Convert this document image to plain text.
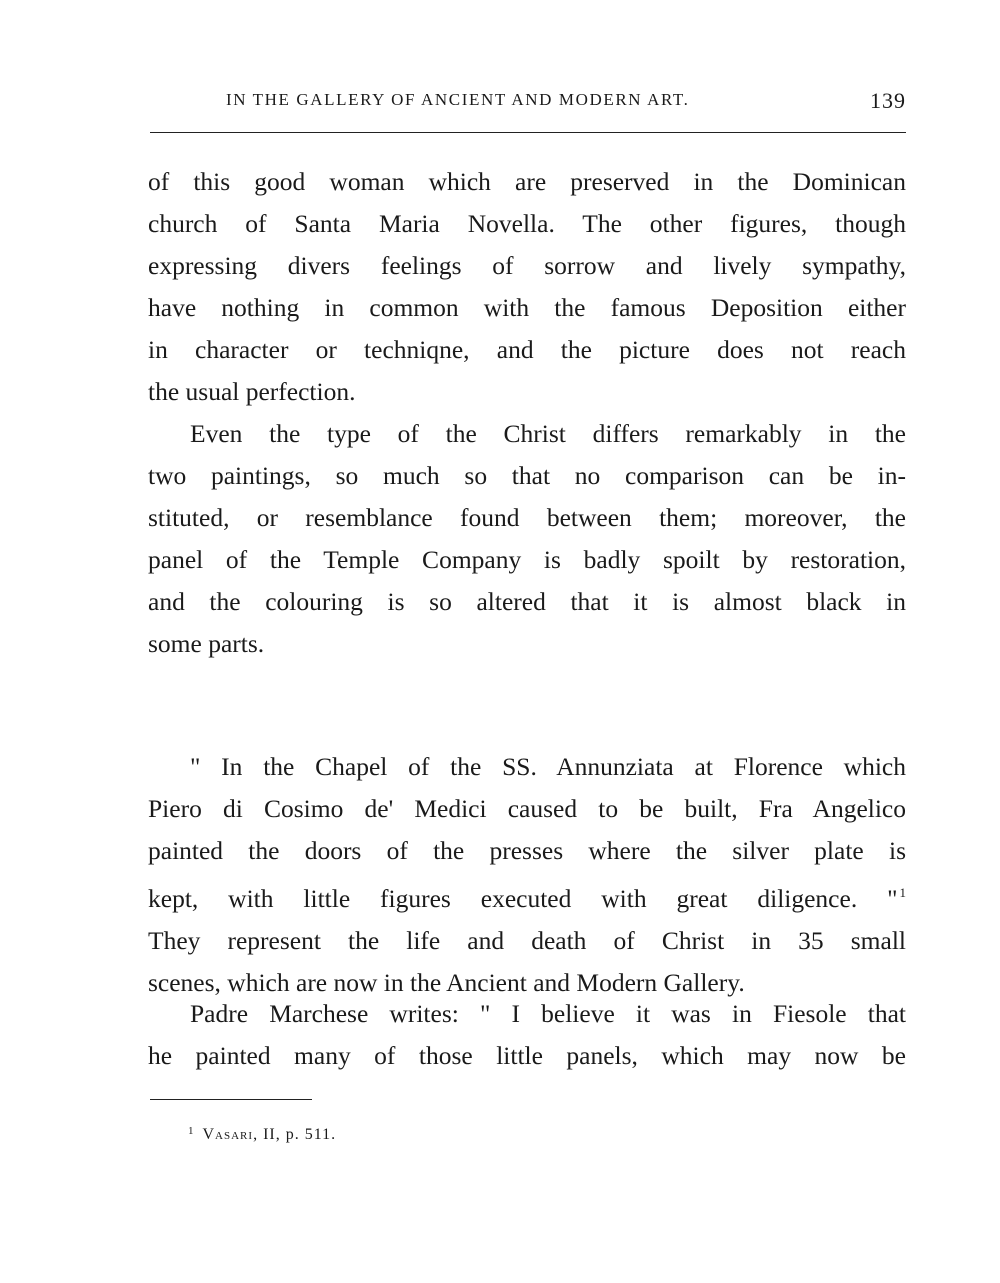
IN THE GALLERY OF ANCIENT AND MODERN ART.	139
of this good woman which are preserved in the Dominican
church of Santa Maria Novella. The other figures, though
expressing divers feelings of sorrow and lively sympathy,
have nothing in common with the famous Deposition either
in character or techniqne, and the picture does not reach
the usual perfection.
Even the type of the Christ differs remarkably in the
two paintings, so much so that no comparison can be in-
stituted, or resemblance found between them; moreover, the
panel of the Temple Company is badly spoilt by restoration,
and the colouring is so altered that it is almost black in
some parts.
" In the Chapel of the SS. Annunziata at Florence which
Piero di Cosimo de' Medici caused to be built, Fra Angelico
painted the doors of the presses where the silver plate is
kept, with little figures executed with great diligence. " $^1$
They represent the life and death of Christ in 35 small
scenes, which are now in the Ancient and Modern Gallery.
Padre Marchese writes: " I believe it was in Fiesole that
he painted many of those little panels, which may now be
$^1$ Vasari, II, p. 511.
